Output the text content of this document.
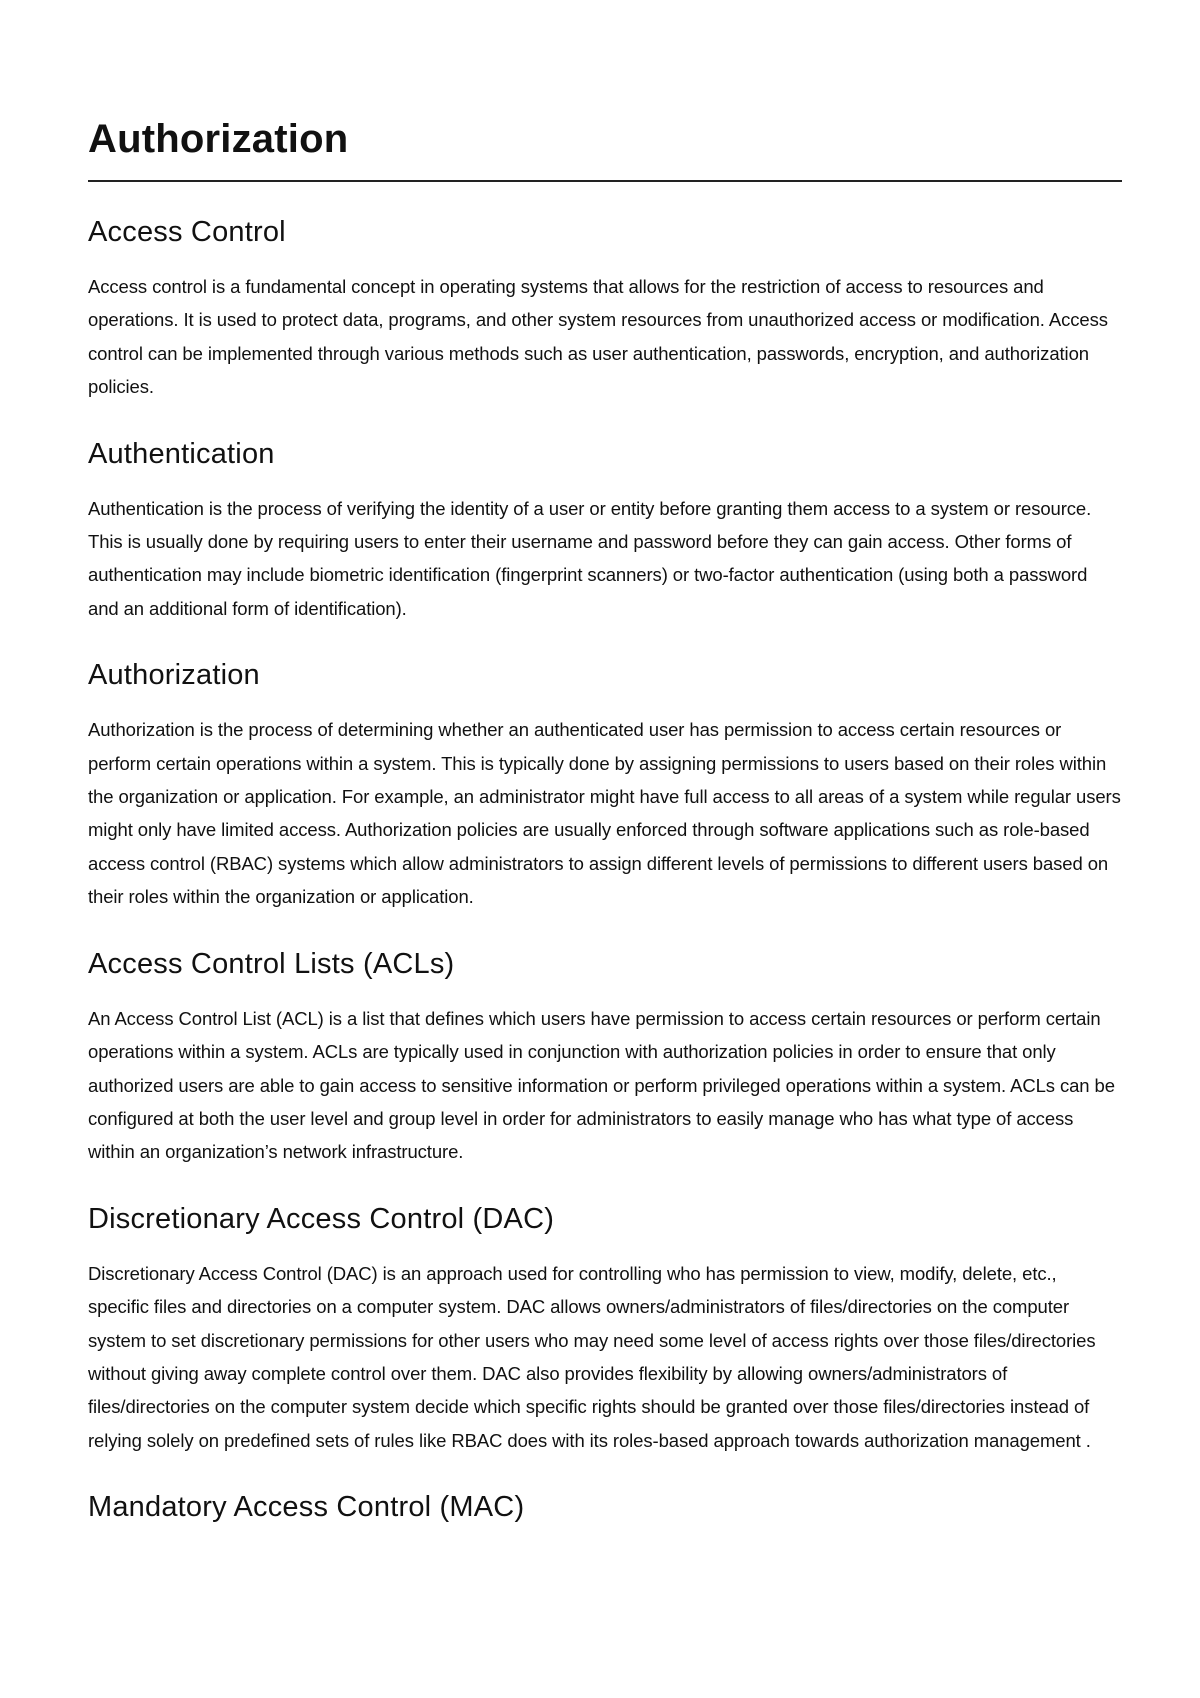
Authorization
Access Control

Access control is a fundamental concept in operating systems that allows for the restriction of access to resources and operations. It is used to protect data, programs, and other system resources from unauthorized access or modification. Access control can be implemented through various methods such as user authentication, passwords, encryption, and authorization policies.

Authentication

Authentication is the process of verifying the identity of a user or entity before granting them access to a system or resource. This is usually done by requiring users to enter their username and password before they can gain access. Other forms of authentication may include biometric identification (fingerprint scanners) or two-factor authentication (using both a password and an additional form of identification).

Authorization

Authorization is the process of determining whether an authenticated user has permission to access certain resources or perform certain operations within a system. This is typically done by assigning permissions to users based on their roles within the organization or application. For example, an administrator might have full access to all areas of a system while regular users might only have limited access. Authorization policies are usually enforced through software applications such as role-based access control (RBAC) systems which allow administrators to assign different levels of permissions to different users based on their roles within the organization or application.

Access Control Lists (ACLs)

An Access Control List (ACL) is a list that defines which users have permission to access certain resources or perform certain operations within a system. ACLs are typically used in conjunction with authorization policies in order to ensure that only authorized users are able to gain access to sensitive information or perform privileged operations within a system. ACLs can be configured at both the user level and group level in order for administrators to easily manage who has what type of access within an organization’s network infrastructure.

Discretionary Access Control (DAC)

Discretionary Access Control (DAC) is an approach used for controlling who has permission to view, modify, delete, etc., specific files and directories on a computer system. DAC allows owners/administrators of files/directories on the computer system to set discretionary permissions for other users who may need some level of access rights over those files/directories without giving away complete control over them. DAC also provides flexibility by allowing owners/administrators of files/directories on the computer system decide which specific rights should be granted over those files/directories instead of relying solely on predefined sets of rules like RBAC does with its roles-based approach towards authorization management .

Mandatory Access Control (MAC)
